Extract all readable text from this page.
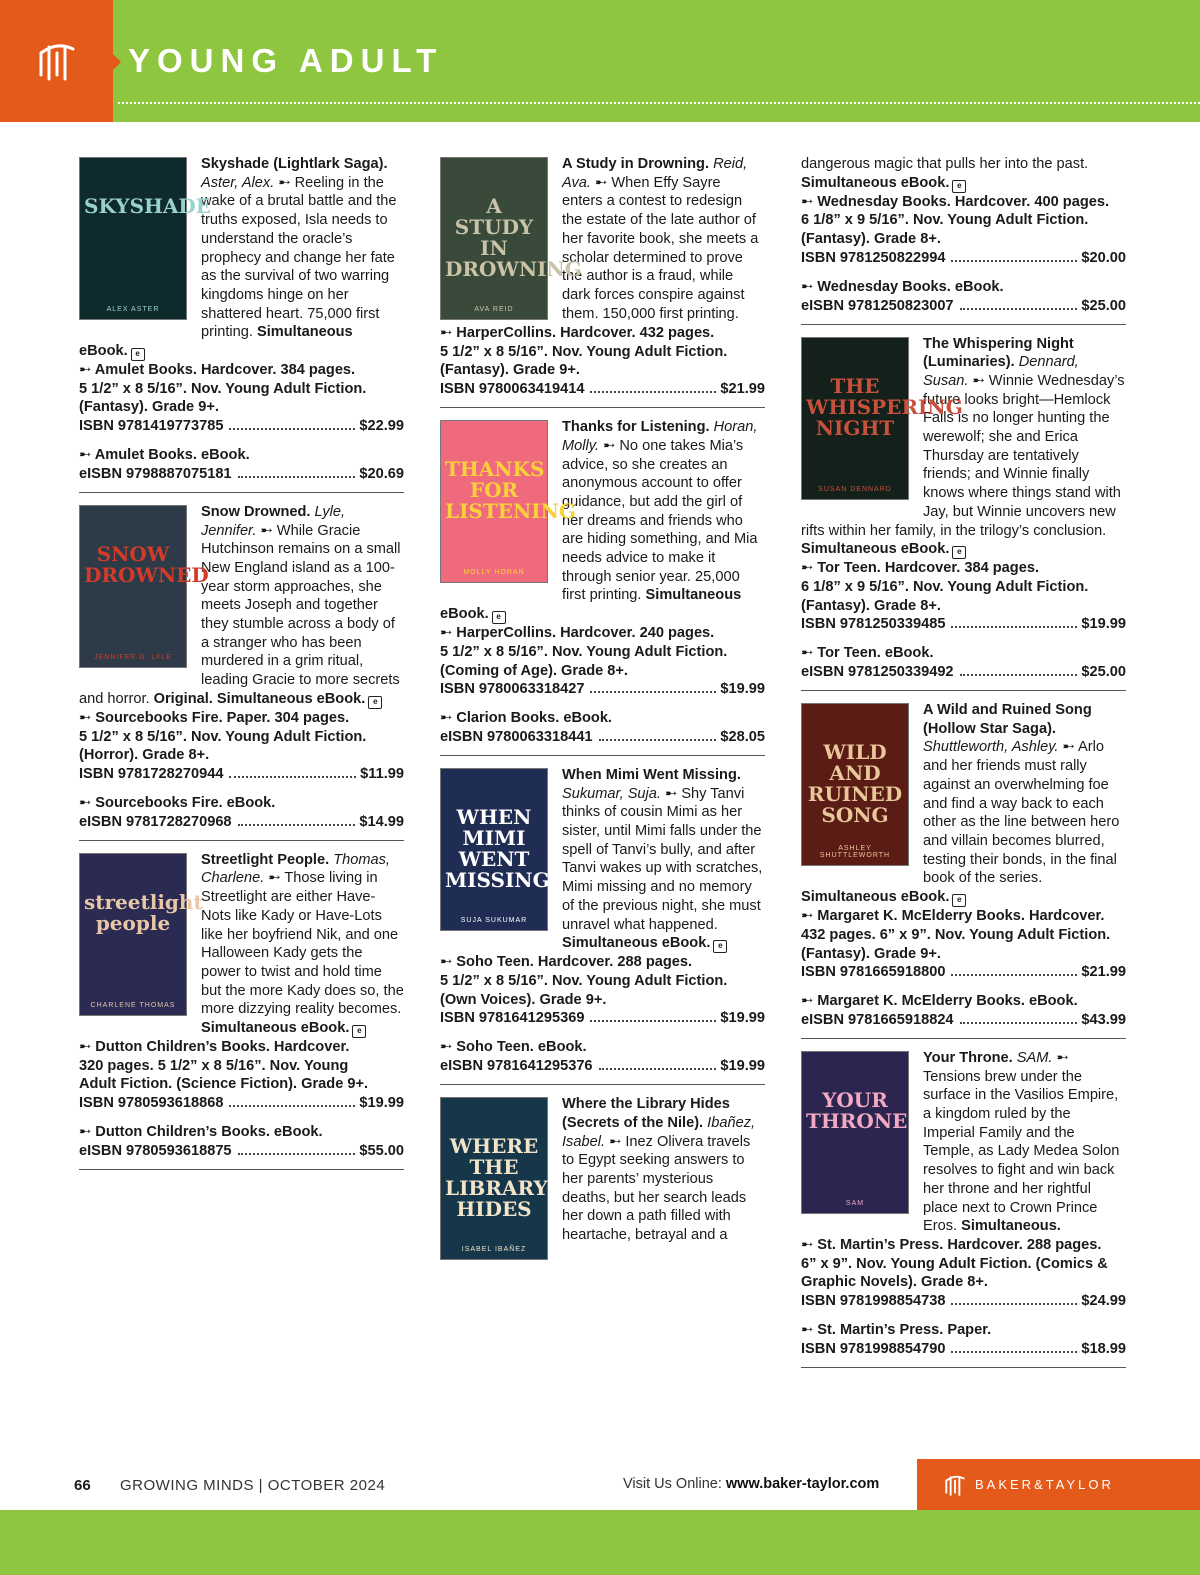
YOUNG ADULT
SKYSHADE
ALEX ASTER
Skyshade (Lightlark Saga). Aster, Alex. ➸ Reeling in the wake of a brutal battle and the truths exposed, Isla needs to understand the oracle’s prophecy and change her fate as the survival of two warring kingdoms hinge on her shattered heart. 75,000 first printing. Simultaneous eBook. e
➸ Amulet Books. Hardcover. 384 pages.
5 1/2” x 8 5/16”. Nov. Young Adult Fiction.
(Fantasy). Grade 9+.
ISBN 9781419773785	$22.99
➸ Amulet Books. eBook.
eISBN 9798887075181	$20.69
SNOW DROWNED
JENNIFER D. LYLE
Snow Drowned. Lyle, Jennifer. ➸ While Gracie Hutchinson remains on a small New England island as a 100-year storm approaches, she meets Joseph and together they stumble across a body of a stranger who has been murdered in a grim ritual, leading Gracie to more secrets and horror. Original. Simultaneous eBook. e
➸ Sourcebooks Fire. Paper. 304 pages.
5 1/2” x 8 5/16”. Nov. Young Adult Fiction.
(Horror). Grade 8+.
ISBN 9781728270944	$11.99
➸ Sourcebooks Fire. eBook.
eISBN 9781728270968	$14.99
streetlight people
CHARLENE THOMAS
Streetlight People. Thomas, Charlene. ➸ Those living in Streetlight are either Have-Nots like Kady or Have-Lots like her boyfriend Nik, and one Halloween Kady gets the power to twist and hold time but the more Kady does so, the more dizzying reality becomes. Simultaneous eBook. e
➸ Dutton Children’s Books. Hardcover.
320 pages. 5 1/2” x 8 5/16”. Nov. Young
Adult Fiction. (Science Fiction). Grade 9+.
ISBN 9780593618868	$19.99
➸ Dutton Children’s Books. eBook.
eISBN 9780593618875	$55.00
A STUDY IN DROWNING
AVA REID
A Study in Drowning. Reid, Ava. ➸ When Effy Sayre enters a contest to redesign the estate of the late author of her favorite book, she meets a scholar determined to prove the author is a fraud, while dark forces conspire against them. 150,000 first printing.
➸ HarperCollins. Hardcover. 432 pages.
5 1/2” x 8 5/16”. Nov. Young Adult Fiction.
(Fantasy). Grade 9+.
ISBN 9780063419414	$21.99
THANKS FOR LISTENING
MOLLY HORAN
Thanks for Listening. Horan, Molly. ➸ No one takes Mia’s advice, so she creates an anonymous account to offer guidance, but add the girl of her dreams and friends who are hiding something, and Mia needs advice to make it through senior year. 25,000 first printing. Simultaneous eBook. e
➸ HarperCollins. Hardcover. 240 pages.
5 1/2” x 8 5/16”. Nov. Young Adult Fiction.
(Coming of Age). Grade 8+.
ISBN 9780063318427	$19.99
➸ Clarion Books. eBook.
eISBN 9780063318441	$28.05
WHEN MIMI WENT MISSING
SUJA SUKUMAR
When Mimi Went Missing. Sukumar, Suja. ➸ Shy Tanvi thinks of cousin Mimi as her sister, until Mimi falls under the spell of Tanvi’s bully, and after Tanvi wakes up with scratches, Mimi missing and no memory of the previous night, she must unravel what happened. Simultaneous eBook. e
➸ Soho Teen. Hardcover. 288 pages.
5 1/2” x 8 5/16”. Nov. Young Adult Fiction.
(Own Voices). Grade 9+.
ISBN 9781641295369	$19.99
➸ Soho Teen. eBook.
eISBN 9781641295376	$19.99
WHERE THE LIBRARY HIDES
ISABEL IBAÑEZ
Where the Library Hides (Secrets of the Nile). Ibañez, Isabel. ➸ Inez Olivera travels to Egypt seeking answers to her parents’ mysterious deaths, but her search leads her down a path filled with heartache, betrayal and a
dangerous magic that pulls her into the past. Simultaneous eBook. e
➸ Wednesday Books. Hardcover. 400 pages.
6 1/8” x 9 5/16”. Nov. Young Adult Fiction.
(Fantasy). Grade 8+.
ISBN 9781250822994	$20.00
➸ Wednesday Books. eBook.
eISBN 9781250823007	$25.00
THE WHISPERING NIGHT
SUSAN DENNARD
The Whispering Night (Luminaries). Dennard, Susan. ➸ Winnie Wednesday’s future looks bright—Hemlock Falls is no longer hunting the werewolf; she and Erica Thursday are tentatively friends; and Winnie finally knows where things stand with Jay, but Winnie uncovers new rifts within her family, in the trilogy’s conclusion. Simultaneous eBook. e
➸ Tor Teen. Hardcover. 384 pages.
6 1/8” x 9 5/16”. Nov. Young Adult Fiction.
(Fantasy). Grade 8+.
ISBN 9781250339485	$19.99
➸ Tor Teen. eBook.
eISBN 9781250339492	$25.00
WILD AND RUINED SONG
ASHLEY SHUTTLEWORTH
A Wild and Ruined Song (Hollow Star Saga). Shuttleworth, Ashley. ➸ Arlo and her friends must rally against an overwhelming foe and find a way back to each other as the line between hero and villain becomes blurred, testing their bonds, in the final book of the series. Simultaneous eBook. e
➸ Margaret K. McElderry Books. Hardcover.
432 pages. 6” x 9”. Nov. Young Adult Fiction.
(Fantasy). Grade 9+.
ISBN 9781665918800	$21.99
➸ Margaret K. McElderry Books. eBook.
eISBN 9781665918824	$43.99
YOUR THRONE
SAM
Your Throne. SAM. ➸ Tensions brew under the surface in the Vasilios Empire, a kingdom ruled by the Imperial Family and the Temple, as Lady Medea Solon resolves to fight and win back her throne and her rightful place next to Crown Prince Eros. Simultaneous.
➸ St. Martin’s Press. Hardcover. 288 pages.
6” x 9”. Nov. Young Adult Fiction. (Comics &
Graphic Novels). Grade 8+.
ISBN 9781998854738	$24.99
➸ St. Martin’s Press. Paper.
ISBN 9781998854790	$18.99
66 GROWING MINDS | OCTOBER 2024	Visit Us Online: www.baker-taylor.com	BAKER&TAYLOR
